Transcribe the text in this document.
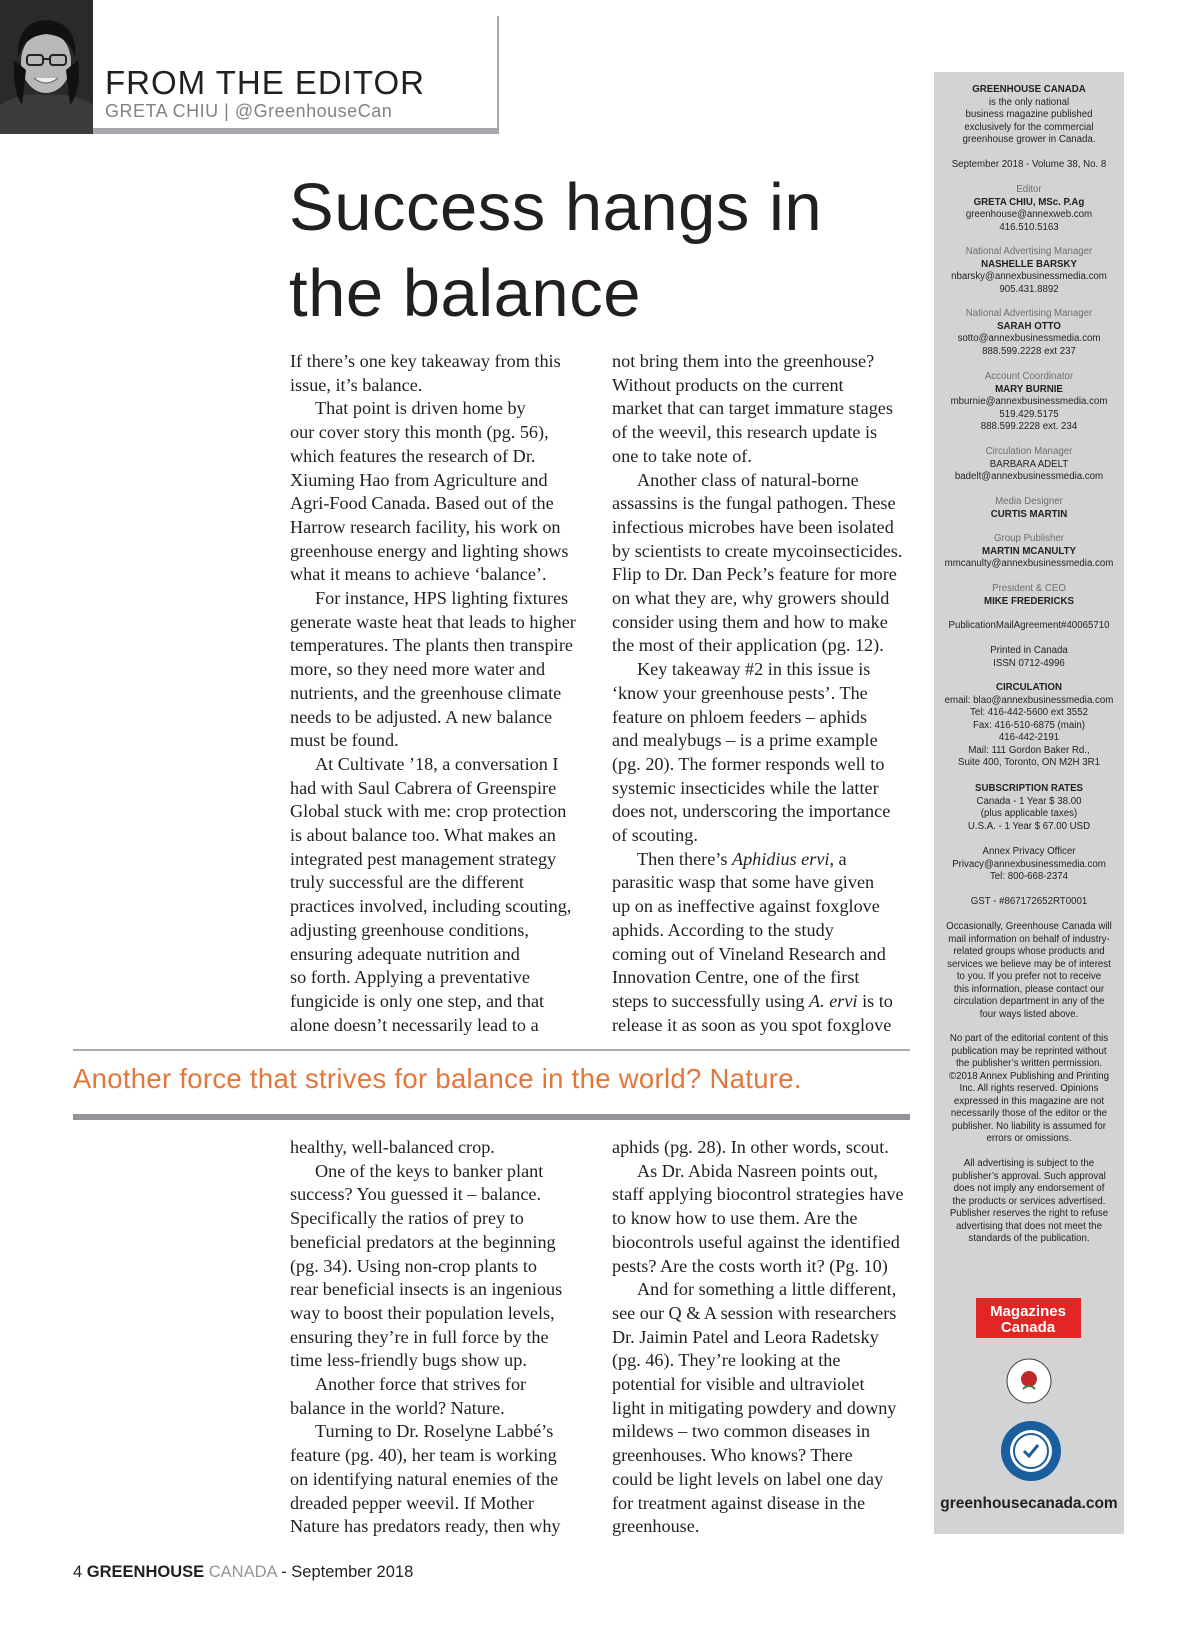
FROM THE EDITOR
GRETA CHIU | @GreenhouseCan
Success hangs in
the balance
If there’s one key takeaway from this
issue, it’s balance.
That point is driven home by
our cover story this month (pg. 56),
which features the research of Dr.
Xiuming Hao from Agriculture and
Agri-Food Canada. Based out of the
Harrow research facility, his work on
greenhouse energy and lighting shows
what it means to achieve ‘balance’.
For instance, HPS lighting fixtures
generate waste heat that leads to higher
temperatures. The plants then transpire
more, so they need more water and
nutrients, and the greenhouse climate
needs to be adjusted. A new balance
must be found.
At Cultivate ’18, a conversation I
had with Saul Cabrera of Greenspire
Global stuck with me: crop protection
is about balance too. What makes an
integrated pest management strategy
truly successful are the different
practices involved, including scouting,
adjusting greenhouse conditions,
ensuring adequate nutrition and
so forth. Applying a preventative
fungicide is only one step, and that
alone doesn’t necessarily lead to a
not bring them into the greenhouse?
Without products on the current
market that can target immature stages
of the weevil, this research update is
one to take note of.
Another class of natural-borne
assassins is the fungal pathogen. These
infectious microbes have been isolated
by scientists to create mycoinsecticides.
Flip to Dr. Dan Peck’s feature for more
on what they are, why growers should
consider using them and how to make
the most of their application (pg. 12).
Key takeaway #2 in this issue is
‘know your greenhouse pests’. The
feature on phloem feeders – aphids
and mealybugs – is a prime example
(pg. 20). The former responds well to
systemic insecticides while the latter
does not, underscoring the importance
of scouting.
Then there’s Aphidius ervi, a
parasitic wasp that some have given
up on as ineffective against foxglove
aphids. According to the study
coming out of Vineland Research and
Innovation Centre, one of the first
steps to successfully using A. ervi is to
release it as soon as you spot foxglove
Another force that strives for balance in the world? Nature.
healthy, well-balanced crop.
One of the keys to banker plant
success? You guessed it – balance.
Specifically the ratios of prey to
beneficial predators at the beginning
(pg. 34). Using non-crop plants to
rear beneficial insects is an ingenious
way to boost their population levels,
ensuring they’re in full force by the
time less-friendly bugs show up.
Another force that strives for
balance in the world? Nature.
Turning to Dr. Roselyne Labbé’s
feature (pg. 40), her team is working
on identifying natural enemies of the
dreaded pepper weevil. If Mother
Nature has predators ready, then why
aphids (pg. 28). In other words, scout.
As Dr. Abida Nasreen points out,
staff applying biocontrol strategies have
to know how to use them. Are the
biocontrols useful against the identified
pests? Are the costs worth it? (Pg. 10)
And for something a little different,
see our Q & A session with researchers
Dr. Jaimin Patel and Leora Radetsky
(pg. 46). They’re looking at the
potential for visible and ultraviolet
light in mitigating powdery and downy
mildews – two common diseases in
greenhouses. Who knows? There
could be light levels on label one day
for treatment against disease in the
greenhouse.
GREENHOUSE CANADA
is the only national
business magazine published
exclusively for the commercial
greenhouse grower in Canada.
September 2018 - Volume 38, No. 8
Editor
GRETA CHIU, MSc. P.Ag
greenhouse@annexweb.com
416.510.5163
National Advertising Manager
NASHELLE BARSKY
nbarsky@annexbusinessmedia.com
905.431.8892
National Advertising Manager
SARAH OTTO
sotto@annexbusinessmedia.com
888.599.2228 ext 237
Account Coordinator
MARY BURNIE
mburnie@annexbusinessmedia.com
519.429.5175
888.599.2228 ext. 234
Circulation Manager
BARBARA ADELT
badelt@annexbusinessmedia.com
Media Designer
CURTIS MARTIN
Group Publisher
MARTIN MCANULTY
mmcanulty@annexbusinessmedia.com
President & CEO
MIKE FREDERICKS
PublicationMailAgreement#40065710
Printed in Canada
ISSN 0712-4996
CIRCULATION
email: blao@annexbusinessmedia.com
Tel: 416-442-5600 ext 3552
Fax: 416-510-6875 (main)
416-442-2191
Mail: 111 Gordon Baker Rd.,
Suite 400, Toronto, ON M2H 3R1
SUBSCRIPTION RATES
Canada - 1 Year $ 38.00
(plus applicable taxes)
U.S.A. - 1 Year $ 67.00 USD
Annex Privacy Officer
Privacy@annexbusinessmedia.com
Tel: 800-668-2374
GST - #867172652RT0001
Occasionally, Greenhouse Canada will
mail information on behalf of industry-
related groups whose products and
services we believe may be of interest
to you. If you prefer not to receive
this information, please contact our
circulation department in any of the
four ways listed above.
No part of the editorial content of this
publication may be reprinted without
the publisher’s written permission.
©2018 Annex Publishing and Printing
Inc. All rights reserved. Opinions
expressed in this magazine are not
necessarily those of the editor or the
publisher. No liability is assumed for
errors or omissions.
All advertising is subject to the
publisher’s approval. Such approval
does not imply any endorsement of
the products or services advertised.
Publisher reserves the right to refuse
advertising that does not meet the
standards of the publication.
Magazines
Canada
greenhousecanada.com
4 GREENHOUSE CANADA - September 2018
